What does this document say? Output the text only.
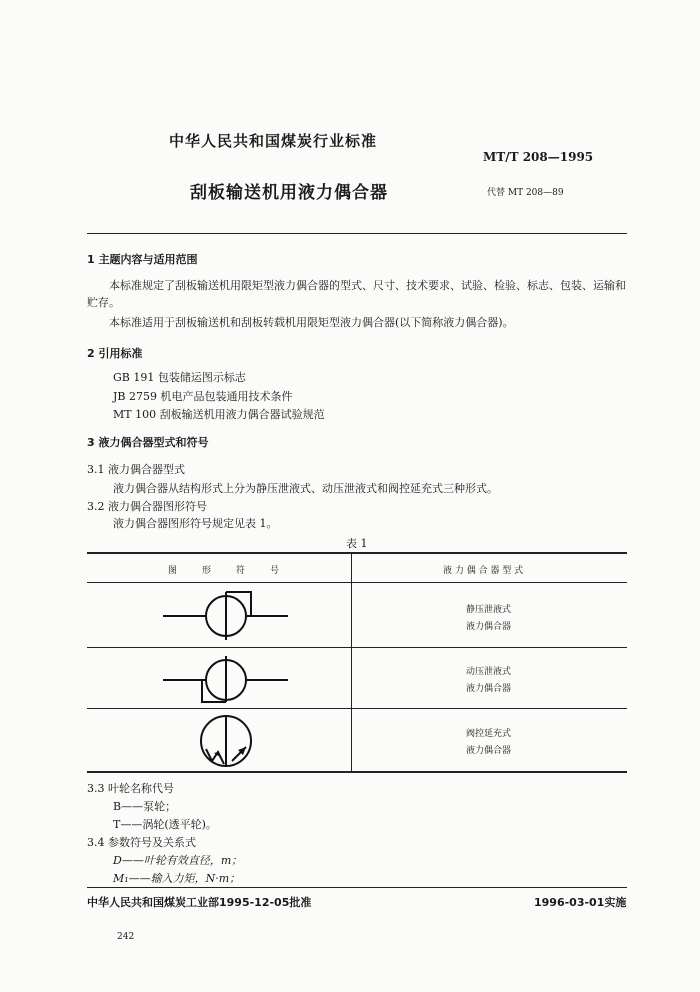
中华人民共和国煤炭行业标准
MT/T 208—1995
刮板输送机用液力偶合器	代替 MT 208—89
1 主题内容与适用范围

本标准规定了刮板输送机用限矩型液力偶合器的型式、尺寸、技术要求、试验、检验、标志、包装、运输和贮存。

本标准适用于刮板输送机和刮板转载机用限矩型液力偶合器(以下简称液力偶合器)。

2 引用标准
GB 191 包装储运图示标志
JB 2759 机电产品包装通用技术条件
MT 100 刮板输送机用液力偶合器试验规范
3 液力偶合器型式和符号
3.1 液力偶合器型式
液力偶合器从结构形式上分为静压泄液式、动压泄液式和阀控延充式三种形式。
3.2 液力偶合器图形符号
液力偶合器图形符号规定见表 1。
表 1
图　形　符　号	液 力 偶 合 器 型 式
静压泄液式
液力偶合器
动压泄液式
液力偶合器
阀控延充式
液力偶合器
3.3 叶轮名称代号
B——泵轮；
T——涡轮(透平轮)。
3.4 参数符号及关系式
D——叶轮有效直径，m；
M₁——输入力矩，N·m；
中华人民共和国煤炭工业部1995-12-05批准	1996-03-01实施
242
